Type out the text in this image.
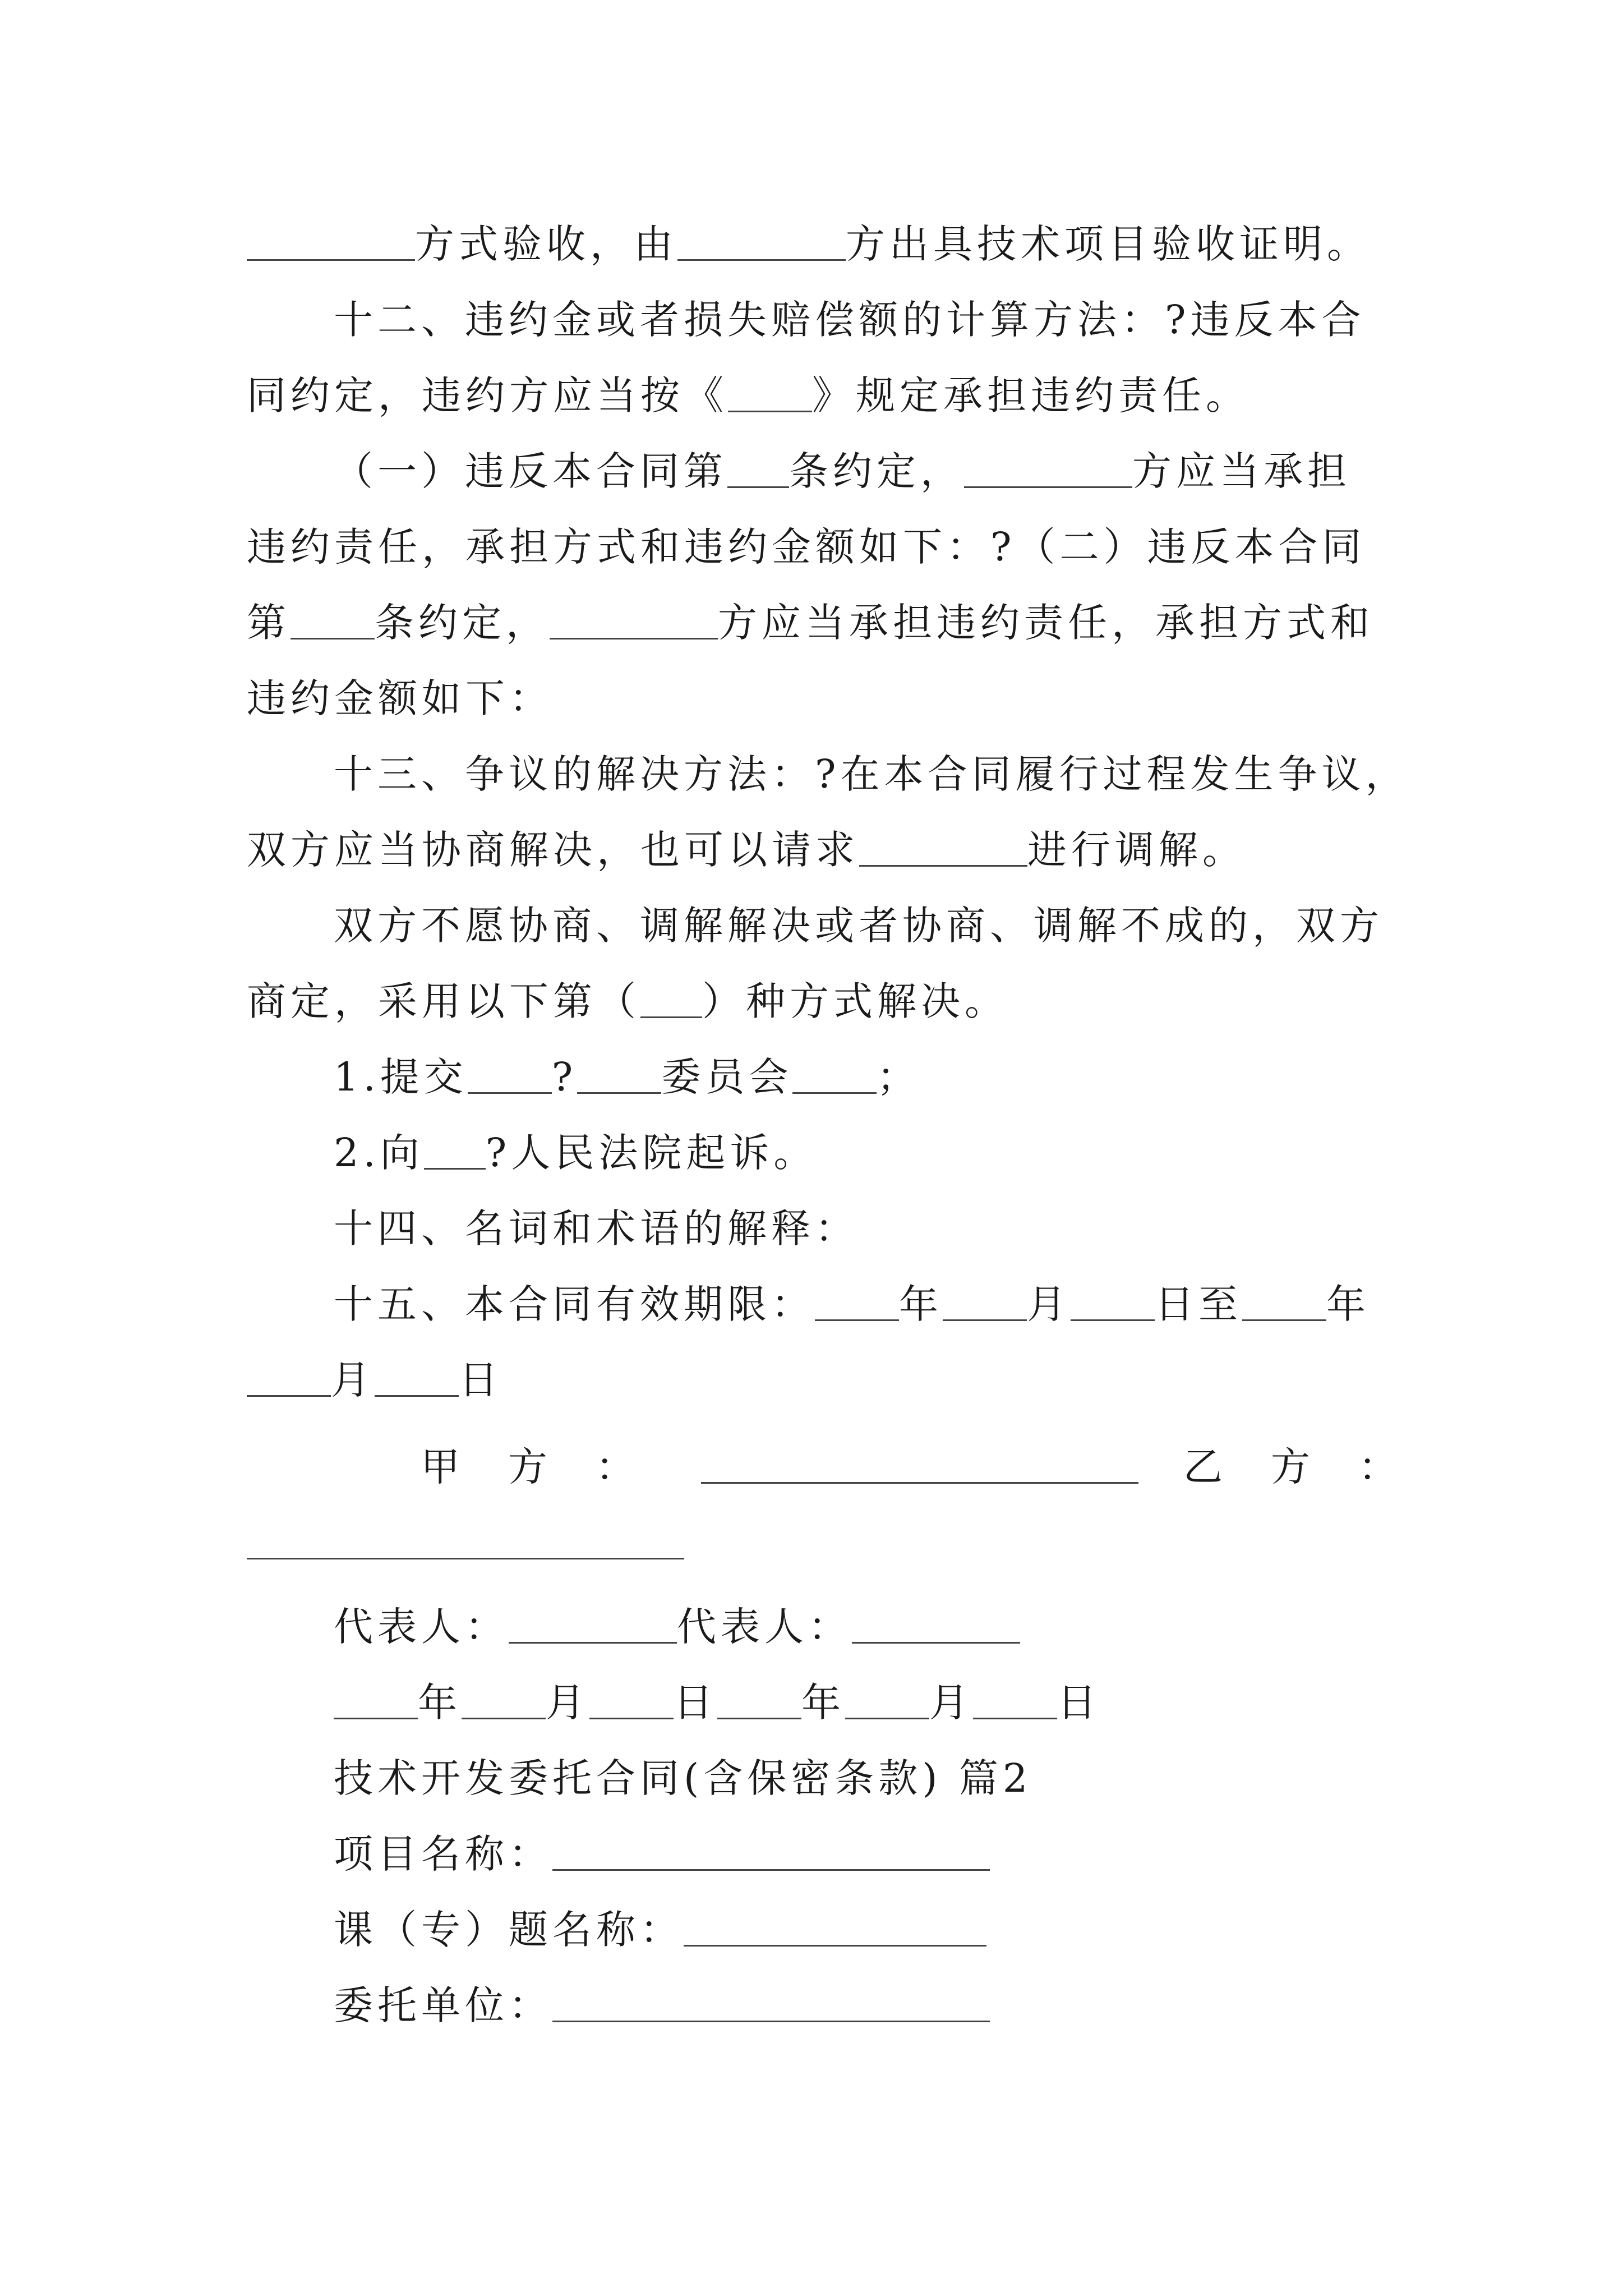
方式验收，由	方出具技术项目验收证明。
十二、违约金或者损失赔偿额的计算方法：?违反本合
同约定，违约方应当按《 》规定承担违约责任。
（一）违反本合同第 条约定，	方应当承担
违约责任，承担方式和违约金额如下：?（二）违反本合同
第 条约定，	方应当承担违约责任，承担方式和
违约金额如下：
十三、争议的解决方法：?在本合同履行过程发生争议，
双方应当协商解决，也可以请求	进行调解。
双方不愿协商、调解解决或者协商、调解不成的，双方
商定，采用以下第（ ）种方式解决。
1.提交 ? 委员会 ；
2.向 ?人民法院起诉。
十四、名词和术语的解释：
十五、本合同有效期限： 年 月 日至 年
月 日
甲　方　：	乙　方　：
代表人：	代表人：
年 月 日 年 月 日
技术开发委托合同(含保密条款) 篇2
项目名称：
课（专）题名称：
委托单位：
